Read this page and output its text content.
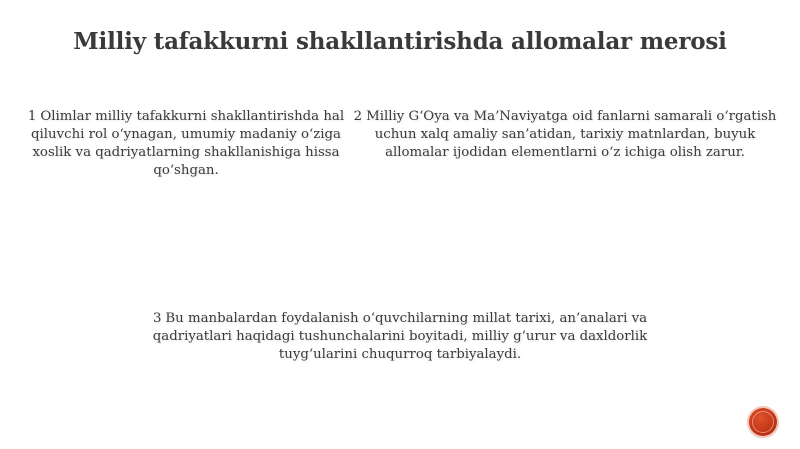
Milliy tafakkurni shakllantirishda allomalar merosi
1 Olimlar milliy tafakkurni shakllantirishda hal qiluvchi rol o‘ynagan, umumiy madaniy o‘ziga xoslik va qadriyatlarning shakllanishiga hissa qo‘shgan.
2 Milliy G‘Oya va Ma’Naviyatga oid fanlarni samarali o‘rgatish uchun xalq amaliy san’atidan, tarixiy matnlardan, buyuk allomalar ijodidan elementlarni o‘z ichiga olish zarur.
3 Bu manbalardan foydalanish o‘quvchilarning millat tarixi, an’analari va qadriyatlari haqidagi tushunchalarini boyitadi, milliy g‘urur va daxldorlik tuyg‘ularini chuqurroq tarbiyalaydi.
